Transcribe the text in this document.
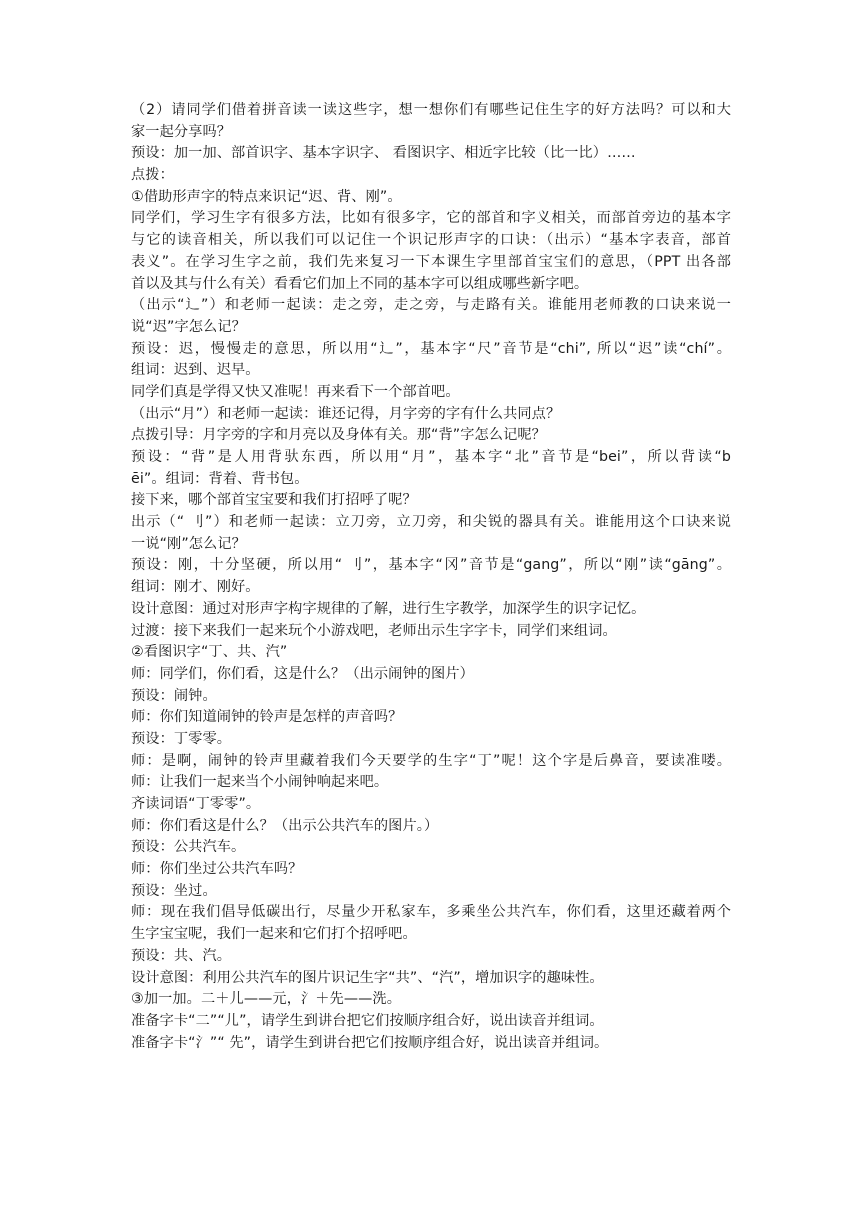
（2）请同学们借着拼音读一读这些字，想一想你们有哪些记住生字的好方法吗？可以和大
家一起分享吗？
预设：加一加、部首识字、基本字识字、 看图识字、相近字比较（比一比）……
点拨：
①借助形声字的特点来识记“迟、背、刚”。
同学们，学习生字有很多方法，比如有很多字，它的部首和字义相关，而部首旁边的基本字
与它的读音相关，所以我们可以记住一个识记形声字的口诀：（出示）“基本字表音，部首
表义”。在学习生字之前，我们先来复习一下本课生字里部首宝宝们的意思，（PPT 出各部
首以及其与什么有关）看看它们加上不同的基本字可以组成哪些新字吧。
（出示“辶”）和老师一起读：走之旁，走之旁，与走路有关。谁能用老师教的口诀来说一
说“迟”字怎么记？
预设：迟，慢慢走的意思，所以用“辶”，基本字“尺”音节是“chi”, 所以“迟”读“chí”。
组词：迟到、迟早。
同学们真是学得又快又准呢！再来看下一个部首吧。
（出示“月”）和老师一起读：谁还记得，月字旁的字有什么共同点？
点拨引导：月字旁的字和月亮以及身体有关。那“背”字怎么记呢？
预设：“背”是人用背驮东西，所以用“月”，基本字“北”音节是“bei”，所以背读“b
ēi”。组词：背着、背书包。
接下来，哪个部首宝宝要和我们打招呼了呢？
出示（“ 刂”）和老师一起读：立刀旁，立刀旁，和尖锐的器具有关。谁能用这个口诀来说
一说“刚”怎么记？
预设：刚，十分坚硬，所以用“ 刂”，基本字“冈”音节是“gang”，所以“刚”读“gāng”。
组词：刚才、刚好。
设计意图：通过对形声字构字规律的了解，进行生字教学，加深学生的识字记忆。
过渡：接下来我们一起来玩个小游戏吧，老师出示生字字卡，同学们来组词。
②看图识字“丁、共、汽”
师：同学们，你们看，这是什么？（出示闹钟的图片）
预设：闹钟。
师：你们知道闹钟的铃声是怎样的声音吗？
预设：丁零零。
师：是啊，闹钟的铃声里藏着我们今天要学的生字“丁”呢！这个字是后鼻音，要读准喽。
师：让我们一起来当个小闹钟响起来吧。
齐读词语“丁零零”。
师：你们看这是什么？（出示公共汽车的图片。）
预设：公共汽车。
师：你们坐过公共汽车吗？
预设：坐过。
师：现在我们倡导低碳出行，尽量少开私家车，多乘坐公共汽车，你们看，这里还藏着两个
生字宝宝呢，我们一起来和它们打个招呼吧。
预设：共、汽。
设计意图：利用公共汽车的图片识记生字“共”、“汽”，增加识字的趣味性。
③加一加。二＋儿——元，氵＋先——洗。
准备字卡“二”“儿”，请学生到讲台把它们按顺序组合好，说出读音并组词。
准备字卡“氵”“ 先”，请学生到讲台把它们按顺序组合好，说出读音并组词。
